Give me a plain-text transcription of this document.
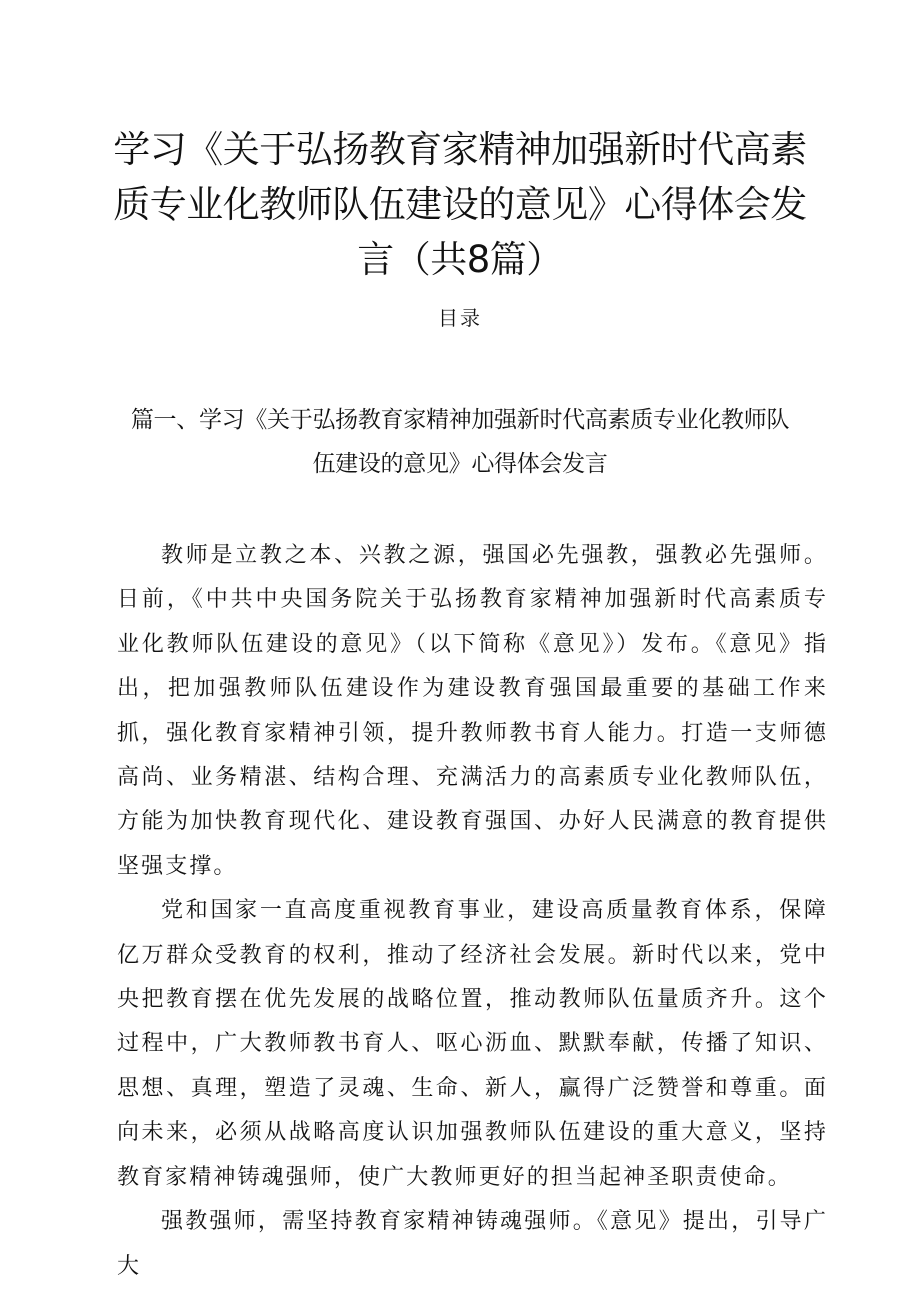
学习《关于弘扬教育家精神加强新时代高素质专业化教师队伍建设的意见》心得体会发言（共8篇）
目录
篇一、学习《关于弘扬教育家精神加强新时代高素质专业化教师队伍建设的意见》心得体会发言

教师是立教之本、兴教之源，强国必先强教，强教必先强师。日前，《中共中央国务院关于弘扬教育家精神加强新时代高素质专业化教师队伍建设的意见》（以下简称《意见》）发布。《意见》指出，把加强教师队伍建设作为建设教育强国最重要的基础工作来抓，强化教育家精神引领，提升教师教书育人能力。打造一支师德高尚、业务精湛、结构合理、充满活力的高素质专业化教师队伍，方能为加快教育现代化、建设教育强国、办好人民满意的教育提供坚强支撑。

党和国家一直高度重视教育事业，建设高质量教育体系，保障亿万群众受教育的权利，推动了经济社会发展。新时代以来，党中央把教育摆在优先发展的战略位置，推动教师队伍量质齐升。这个过程中，广大教师教书育人、呕心沥血、默默奉献，传播了知识、思想、真理，塑造了灵魂、生命、新人，赢得广泛赞誉和尊重。面向未来，必须从战略高度认识加强教师队伍建设的重大意义，坚持教育家精神铸魂强师，使广大教师更好的担当起神圣职责使命。

强教强师，需坚持教育家精神铸魂强师。《意见》提出，引导广大
